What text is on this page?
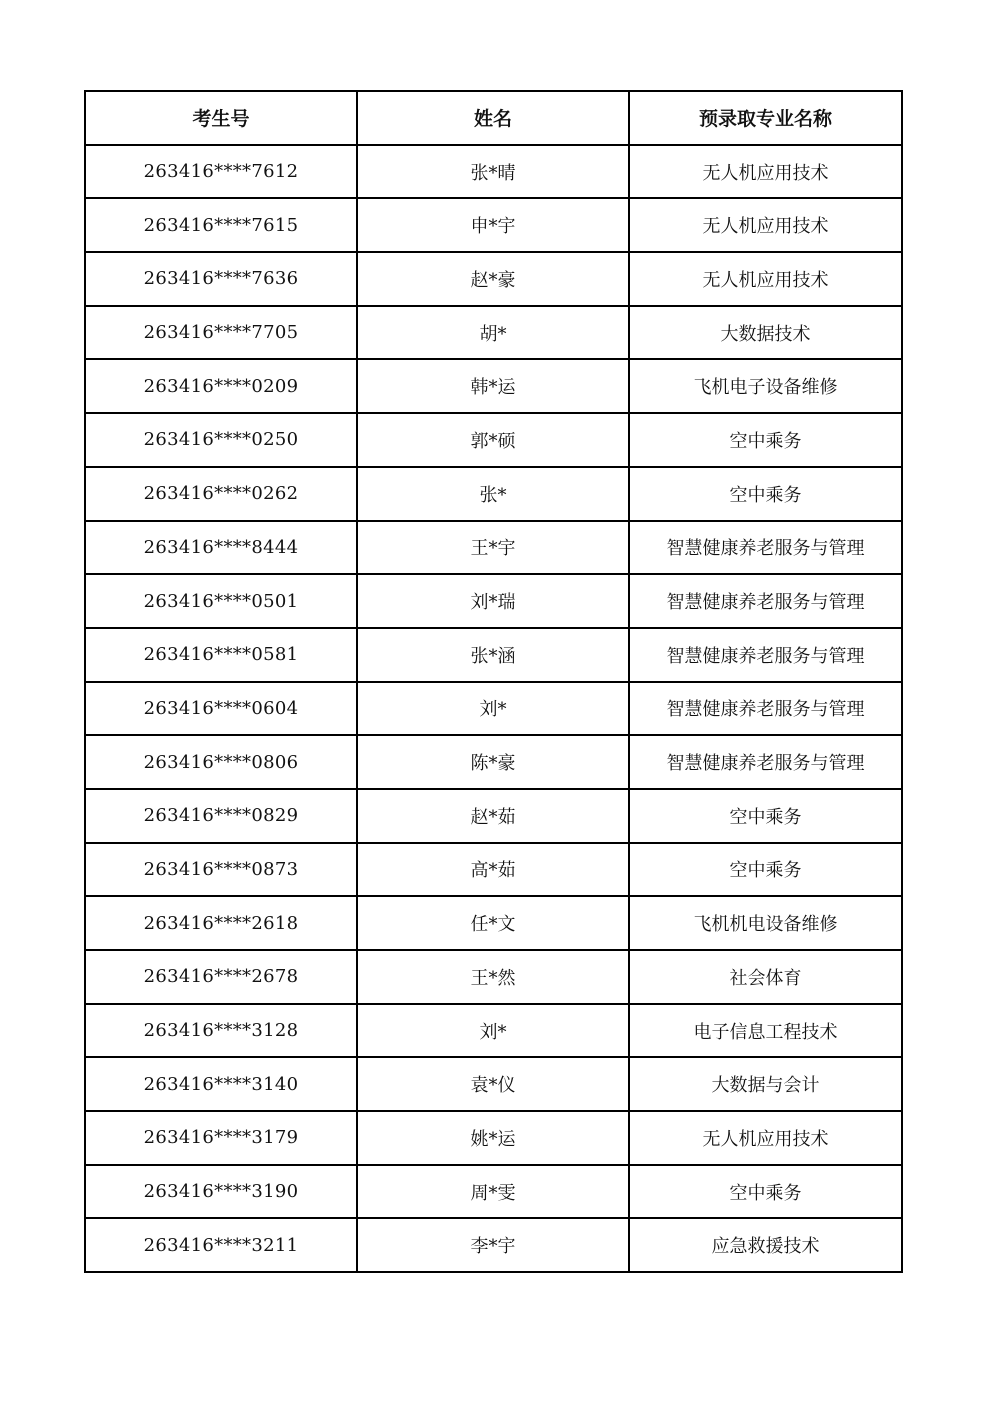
考生号	姓名	预录取专业名称
263416****7612	张*晴	无人机应用技术
263416****7615	申*宇	无人机应用技术
263416****7636	赵*豪	无人机应用技术
263416****7705	胡*	大数据技术
263416****0209	韩*运	飞机电子设备维修
263416****0250	郭*硕	空中乘务
263416****0262	张*	空中乘务
263416****8444	王*宇	智慧健康养老服务与管理
263416****0501	刘*瑞	智慧健康养老服务与管理
263416****0581	张*涵	智慧健康养老服务与管理
263416****0604	刘*	智慧健康养老服务与管理
263416****0806	陈*豪	智慧健康养老服务与管理
263416****0829	赵*茹	空中乘务
263416****0873	高*茹	空中乘务
263416****2618	任*文	飞机机电设备维修
263416****2678	王*然	社会体育
263416****3128	刘*	电子信息工程技术
263416****3140	袁*仪	大数据与会计
263416****3179	姚*运	无人机应用技术
263416****3190	周*雯	空中乘务
263416****3211	李*宇	应急救援技术
